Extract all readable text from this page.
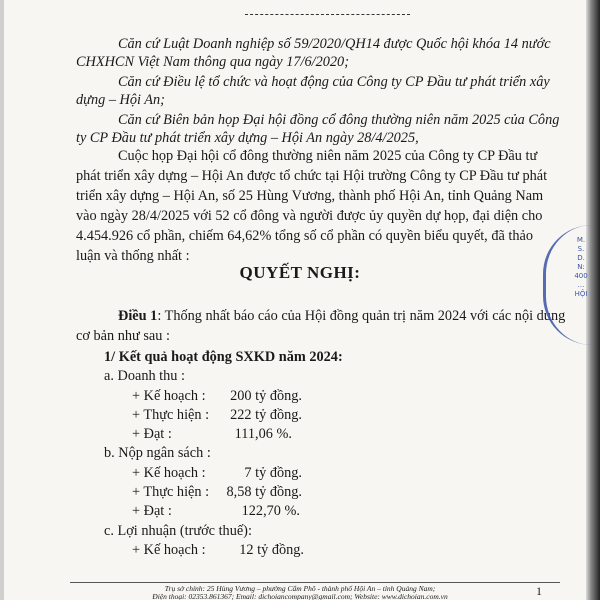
Căn cứ Luật Doanh nghiệp số 59/2020/QH14 được Quốc hội khóa 14 nước
CHXHCN Việt Nam thông qua ngày 17/6/2020;
Căn cứ Điều lệ tổ chức và hoạt động của Công ty CP Đầu tư phát triển xây
dựng – Hội An;
Căn cứ Biên bản họp Đại hội đồng cổ đông thường niên năm 2025 của Công
ty CP Đầu tư phát triển xây dựng – Hội An ngày 28/4/2025,
Cuộc họp Đại hội cổ đông thường niên năm 2025 của Công ty CP Đầu tư
phát triển xây dựng – Hội An được tổ chức tại Hội trường Công ty CP Đầu tư phát
triển xây dựng – Hội An, số 25 Hùng Vương, thành phố Hội An, tỉnh Quảng Nam
vào ngày 28/4/2025 với 52 cổ đông và người được ủy quyền dự họp, đại diện cho
4.454.926 cổ phần, chiếm 64,62% tổng số cổ phần có quyền biểu quyết, đã thảo
QUYẾT NGHỊ:
Điều 1: Thống nhất báo cáo của Hội đồng quản trị năm 2024 với các nội dung
cơ bản như sau :
1/ Kết quả hoạt động SXKD năm 2024:
a. Doanh thu :
+ Kế hoạch : 200 tỷ đồng.
+ Thực hiện : 222 tỷ đồng.
+ Đạt :	111,06 %.
b. Nộp ngân sách :
+ Kế hoạch :	7 tỷ đồng.
+ Thực hiện : 8,58 tỷ đồng.
+ Đạt :	122,70 %.
c. Lợi nhuận (trước thuế):
+ Kế hoạch : 12 tỷ đồng.
M.S.D.N: 400 ... HỘI
Trụ sở chính: 25 Hùng Vương – phường Cẩm Phô - thành phố Hội An – tỉnh Quảng Nam;
Điện thoại: 02353.861367; Email: dichoiancompany@gmail.com; Website: www.dichoian.com.vn	1
luận và thống nhất :
